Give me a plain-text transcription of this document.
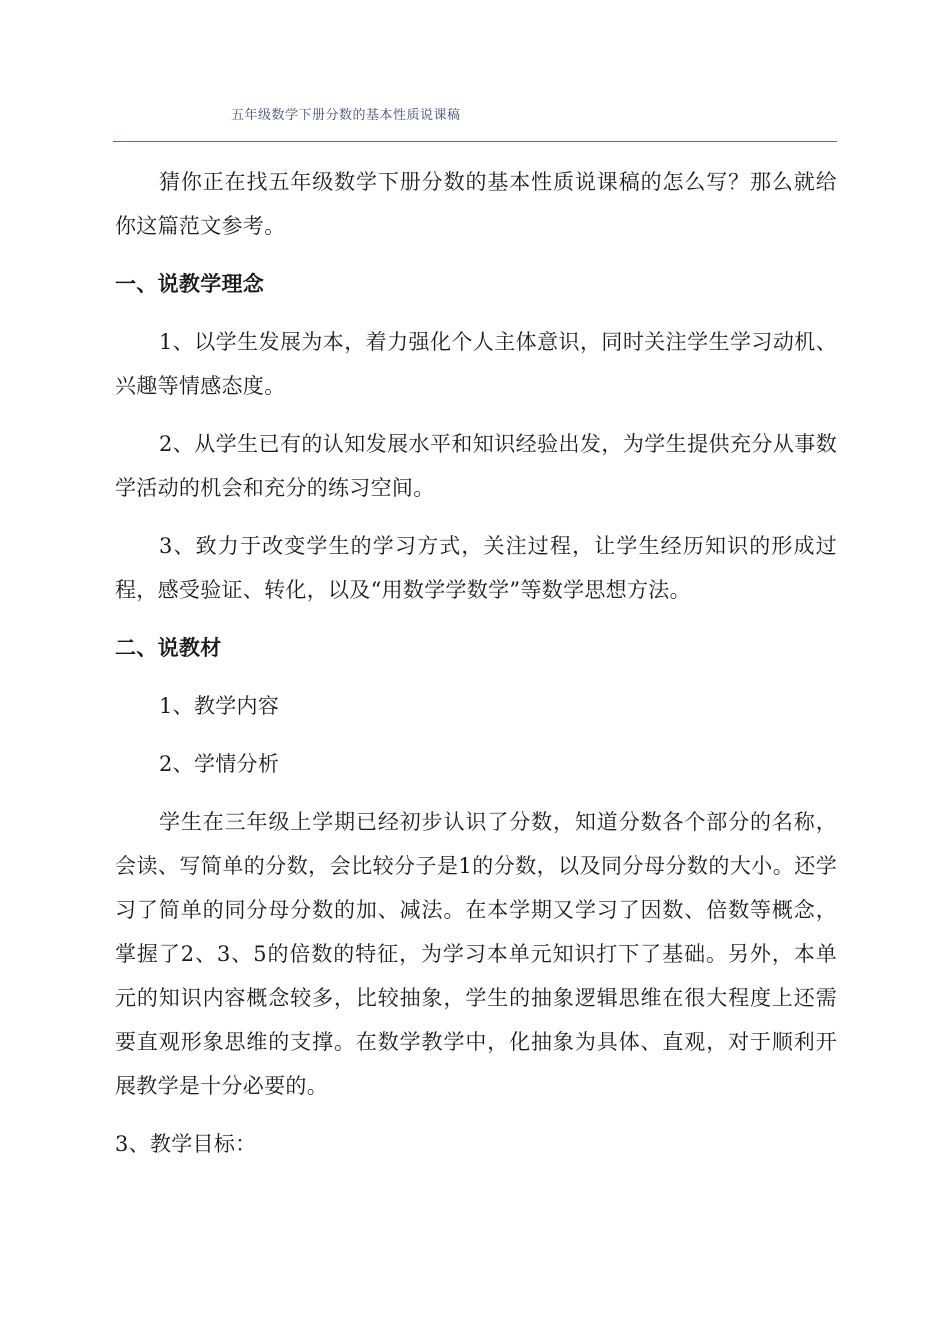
五年级数学下册分数的基本性质说课稿

猜你正在找五年级数学下册分数的基本性质说课稿的怎么写？那么就给你这篇范文参考。

一、说教学理念

1、以学生发展为本，着力强化个人主体意识，同时关注学生学习动机、兴趣等情感态度。

2、从学生已有的认知发展水平和知识经验出发，为学生提供充分从事数学活动的机会和充分的练习空间。

3、致力于改变学生的学习方式，关注过程，让学生经历知识的形成过程，感受验证、转化，以及“用数学学数学”等数学思想方法。

二、说教材

1、教学内容

2、学情分析

学生在三年级上学期已经初步认识了分数，知道分数各个部分的名称，会读、写简单的分数，会比较分子是1的分数，以及同分母分数的大小。还学习了简单的同分母分数的加、减法。在本学期又学习了因数、倍数等概念，掌握了2、3、5的倍数的特征，为学习本单元知识打下了基础。另外，本单元的知识内容概念较多，比较抽象，学生的抽象逻辑思维在很大程度上还需要直观形象思维的支撑。在数学教学中，化抽象为具体、直观，对于顺利开展教学是十分必要的。

3、教学目标：
